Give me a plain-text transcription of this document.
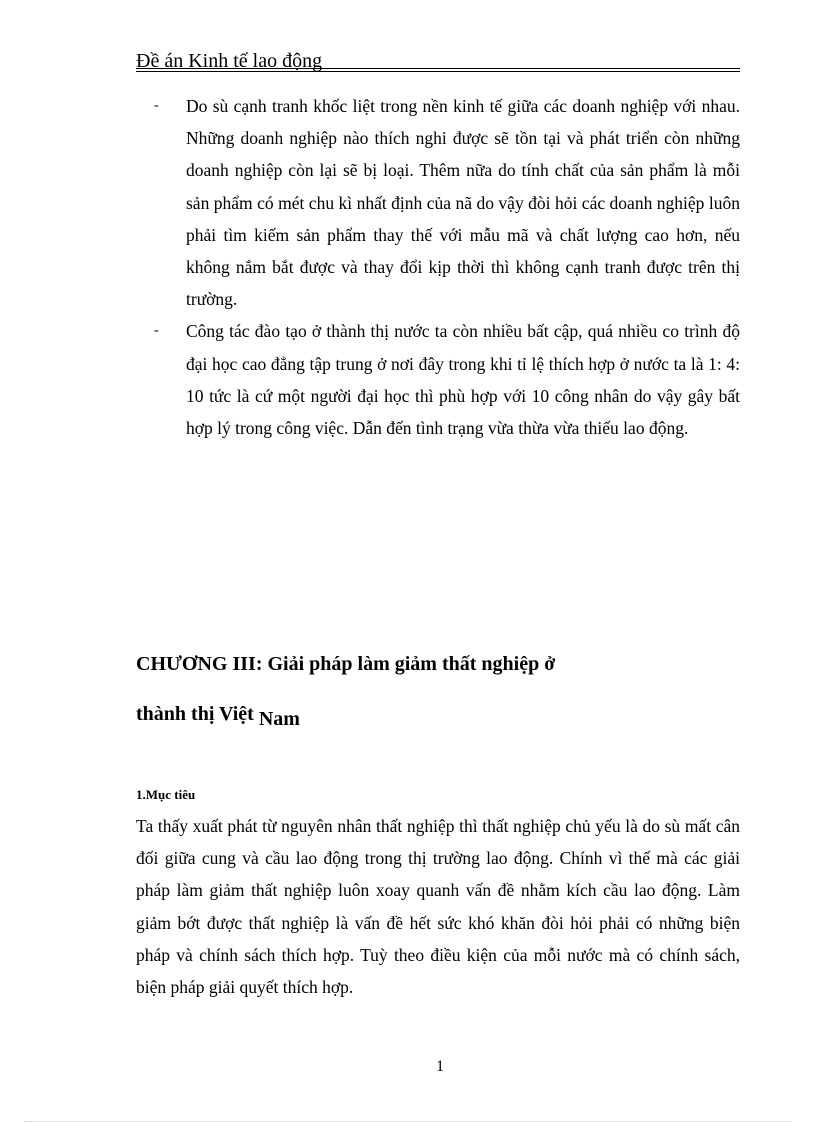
Đề án Kinh tế lao động
- Do sù cạnh tranh khốc liệt trong nền kinh tế giữa các doanh nghiệp với nhau. Những doanh nghiệp nào thích nghi được sẽ tồn tại và phát triển còn những doanh nghiệp còn lại sẽ bị loại. Thêm nữa do tính chất của sản phẩm là mỗi sản phẩm có mét chu kì nhất định của nã do vậy đòi hỏi các doanh nghiệp luôn phải tìm kiếm sản phẩm thay thế với mẫu mã và chất lượng cao hơn, nếu không nắm bắt được và thay đổi kịp thời thì không cạnh tranh được trên thị trường.
- Công tác đào tạo ở thành thị nước ta còn nhiều bất cập, quá nhiều co trình độ đại học cao đẳng tập trung ở nơi đây trong khi tỉ lệ thích hợp ở nước ta là 1: 4: 10 tức là cứ một người đại học thì phù hợp với 10 công nhân do vậy gây bất hợp lý trong công việc. Dẫn đến tình trạng vừa thừa vừa thiếu lao động.
CHƯƠNG III: Giải pháp làm giảm thất nghiệp ở
thành thị Việt Nam
1.Mục tiêu
Ta thấy xuất phát từ nguyên nhân thất nghiệp thì thất nghiệp chủ yếu là do sù mất cân đối giữa cung và cầu lao động trong thị trường lao động. Chính vì thế mà các giải pháp làm giảm thất nghiệp luôn xoay quanh vấn đề nhằm kích cầu lao động. Làm giảm bớt được thất nghiệp là vấn đề hết sức khó khăn đòi hỏi phải có những biện pháp và chính sách thích hợp. Tuỳ theo điều kiện của mỗi nước mà có chính sách, biện pháp giải quyết thích hợp.
1
